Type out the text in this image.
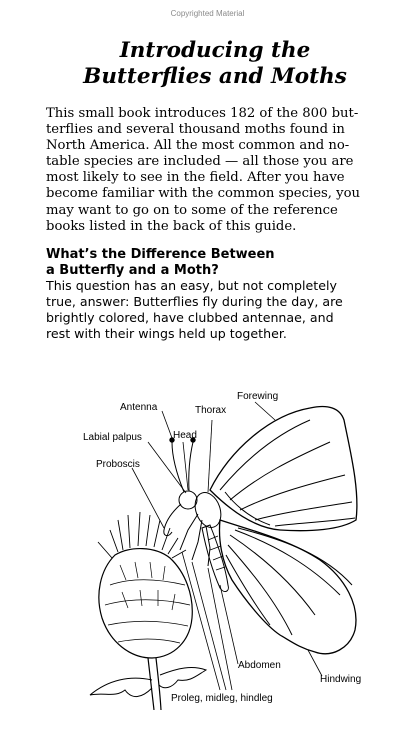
Copyrighted Material
Introducing the
Butterflies and Moths
This small book introduces 182 of the 800 but-
terflies and several thousand moths found in
North America. All the most common and no-
table species are included — all those you are
most likely to see in the field. After you have
become familiar with the common species, you
may want to go on to some of the reference
books listed in the back of this guide.
What’s the Difference Between
a Butterfly and a Moth?
This question has an easy, but not completely
true, answer: Butterflies fly during the day, are
brightly colored, have clubbed antennae, and
rest with their wings held up together.
Forewing
Antenna	Thorax
Labial palpus	Head
Proboscis
Abdomen
Hindwing
Proleg, midleg, hindleg
